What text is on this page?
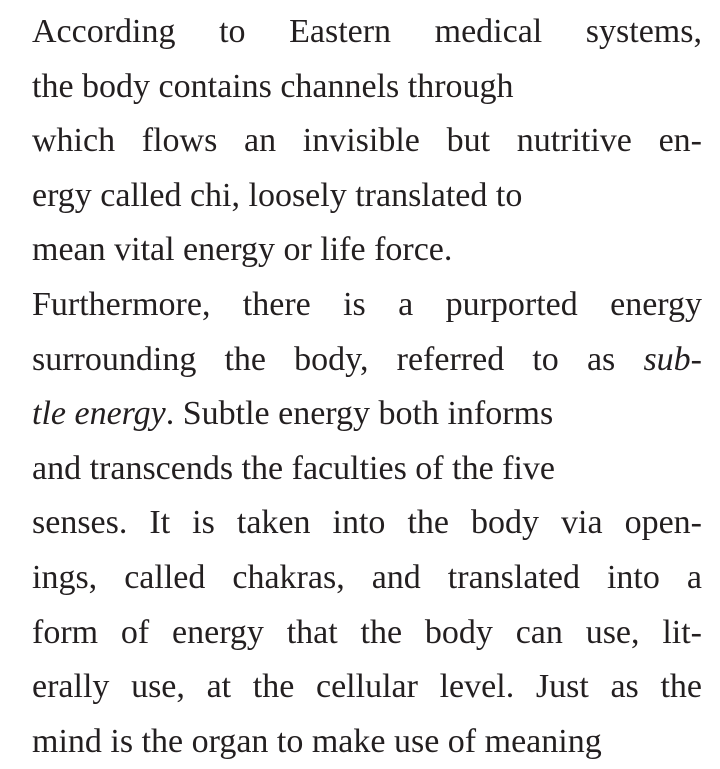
According to Eastern medical systems,
the body contains channels through
which flows an invisible but nutritive en-
ergy called chi, loosely translated to
mean vital energy or life force.
Furthermore, there is a purported energy
surrounding the body, referred to as sub-
tle energy. Subtle energy both informs
and transcends the faculties of the five
senses. It is taken into the body via open-
ings, called chakras, and translated into a
form of energy that the body can use, lit-
erally use, at the cellular level. Just as the
mind is the organ to make use of meaning
